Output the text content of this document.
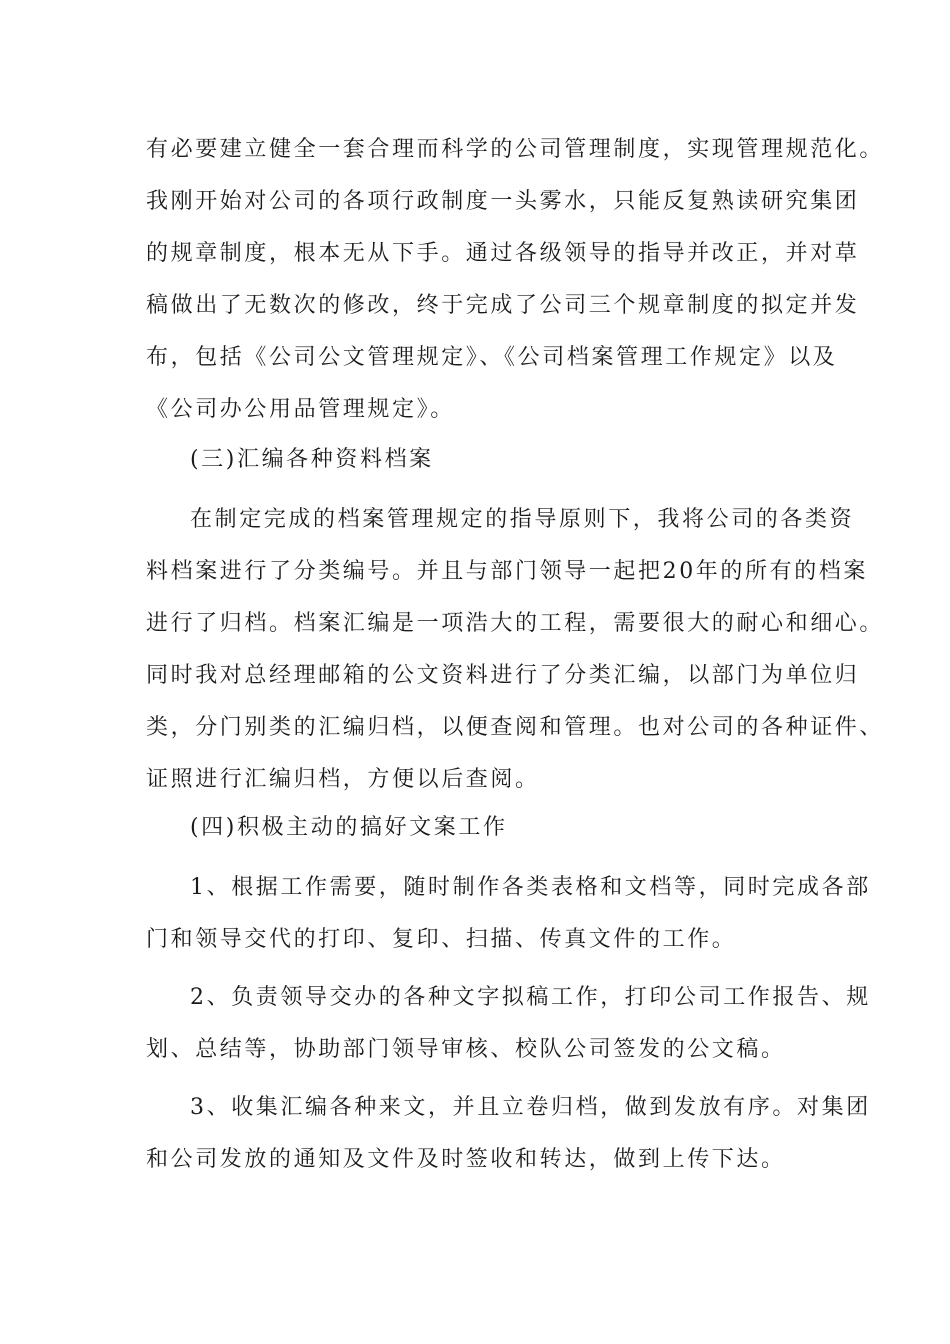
有必要建立健全一套合理而科学的公司管理制度，实现管理规范化。
我刚开始对公司的各项行政制度一头雾水，只能反复熟读研究集团
的规章制度，根本无从下手。通过各级领导的指导并改正，并对草
稿做出了无数次的修改，终于完成了公司三个规章制度的拟定并发
布，包括《公司公文管理规定》、《公司档案管理工作规定》以及
《公司办公用品管理规定》。
(三)汇编各种资料档案
在制定完成的档案管理规定的指导原则下，我将公司的各类资
料档案进行了分类编号。并且与部门领导一起把20年的所有的档案
进行了归档。档案汇编是一项浩大的工程，需要很大的耐心和细心。
同时我对总经理邮箱的公文资料进行了分类汇编，以部门为单位归
类，分门别类的汇编归档，以便查阅和管理。也对公司的各种证件、
证照进行汇编归档，方便以后查阅。
(四)积极主动的搞好文案工作
1、根据工作需要，随时制作各类表格和文档等，同时完成各部
门和领导交代的打印、复印、扫描、传真文件的工作。
2、负责领导交办的各种文字拟稿工作，打印公司工作报告、规
划、总结等，协助部门领导审核、校队公司签发的公文稿。
3、收集汇编各种来文，并且立卷归档，做到发放有序。对集团
和公司发放的通知及文件及时签收和转达，做到上传下达。
